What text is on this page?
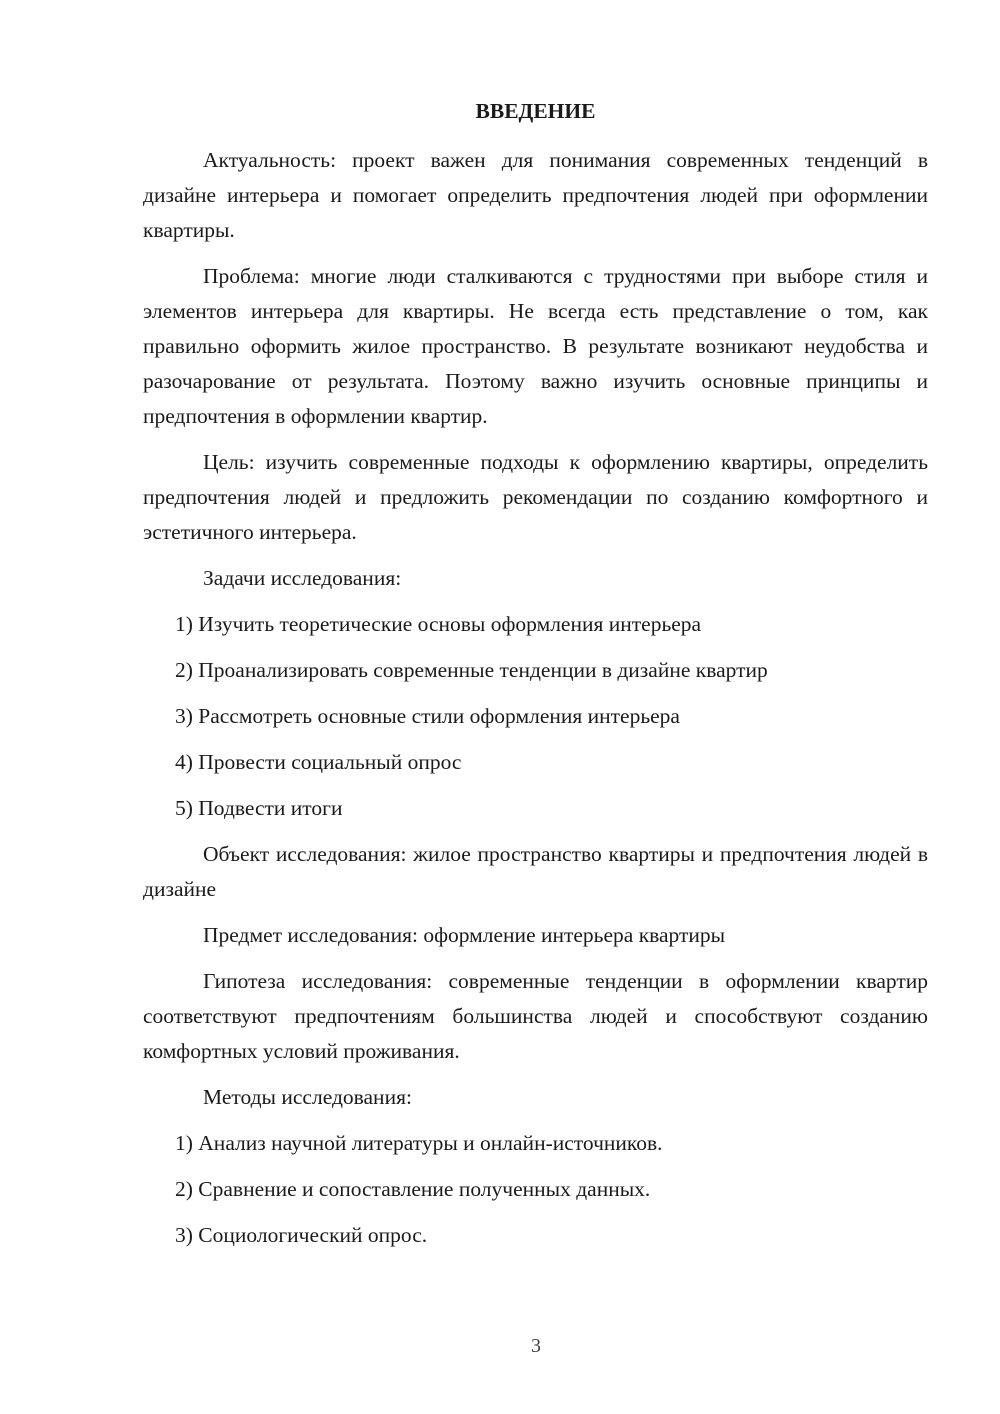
ВВЕДЕНИЕ

Актуальность: проект важен для понимания современных тенденций в дизайне интерьера и помогает определить предпочтения людей при оформлении квартиры.

Проблема: многие люди сталкиваются с трудностями при выборе стиля и элементов интерьера для квартиры. Не всегда есть представление о том, как правильно оформить жилое пространство. В результате возникают неудобства и разочарование от результата. Поэтому важно изучить основные принципы и предпочтения в оформлении квартир.

Цель: изучить современные подходы к оформлению квартиры, определить предпочтения людей и предложить рекомендации по созданию комфортного и эстетичного интерьера.

Задачи исследования:

1) Изучить теоретические основы оформления интерьера

2) Проанализировать современные тенденции в дизайне квартир

3) Рассмотреть основные стили оформления интерьера

4) Провести социальный опрос

5) Подвести итоги

Объект исследования: жилое пространство квартиры и предпочтения людей в дизайне

Предмет исследования: оформление интерьера квартиры

Гипотеза исследования: современные тенденции в оформлении квартир соответствуют предпочтениям большинства людей и способствуют созданию комфортных условий проживания.

Методы исследования:

1) Анализ научной литературы и онлайн-источников.

2) Сравнение и сопоставление полученных данных.

3) Социологический опрос.

3
